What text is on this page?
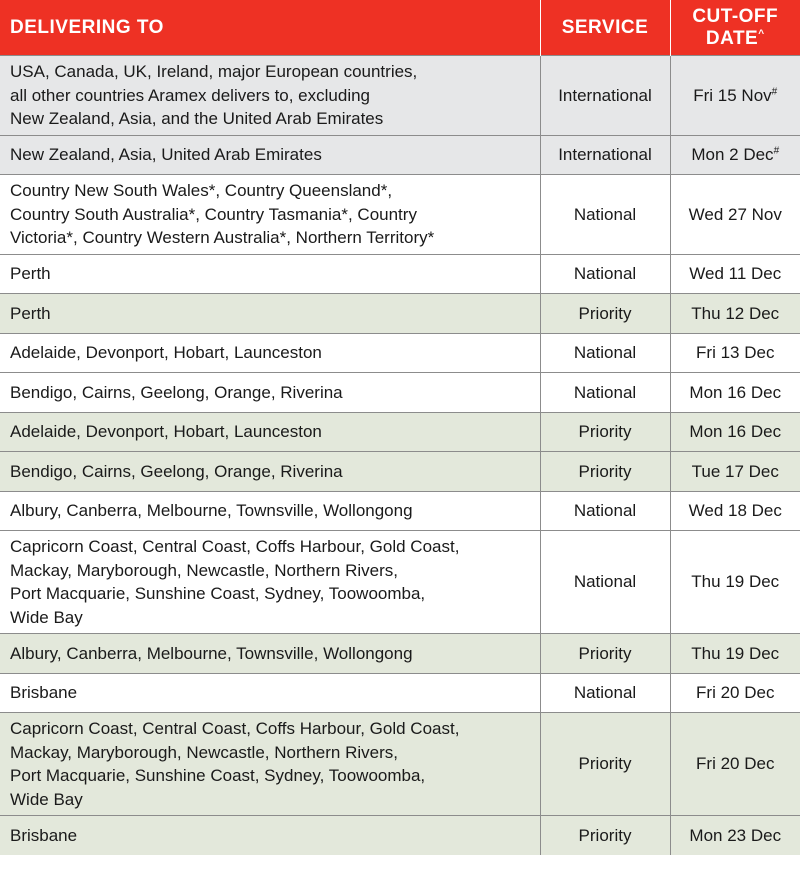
DELIVERING TO	SERVICE	CUT-OFF
DATE^

USA, Canada, UK, Ireland, major European countries,
all other countries Aramex delivers to, excluding
New Zealand, Asia, and the United Arab Emirates	International	Fri 15 Nov#

New Zealand, Asia, United Arab Emirates	International	Mon 2 Dec#

Country New South Wales*, Country Queensland*,
Country South Australia*, Country Tasmania*, Country
Victoria*, Country Western Australia*, Northern Territory*	National	Wed 27 Nov

Perth	National	Wed 11 Dec

Perth	Priority	Thu 12 Dec

Adelaide, Devonport, Hobart, Launceston	National	Fri 13 Dec

Bendigo, Cairns, Geelong, Orange, Riverina	National	Mon 16 Dec

Adelaide, Devonport, Hobart, Launceston	Priority	Mon 16 Dec

Bendigo, Cairns, Geelong, Orange, Riverina	Priority	Tue 17 Dec

Albury, Canberra, Melbourne, Townsville, Wollongong	National	Wed 18 Dec

Capricorn Coast, Central Coast, Coffs Harbour, Gold Coast,
Mackay, Maryborough, Newcastle, Northern Rivers,
Port Macquarie, Sunshine Coast, Sydney, Toowoomba,
Wide Bay	National	Thu 19 Dec

Albury, Canberra, Melbourne, Townsville, Wollongong	Priority	Thu 19 Dec

Brisbane	National	Fri 20 Dec

Capricorn Coast, Central Coast, Coffs Harbour, Gold Coast,
Mackay, Maryborough, Newcastle, Northern Rivers,
Port Macquarie, Sunshine Coast, Sydney, Toowoomba,
Wide Bay	Priority	Fri 20 Dec

Brisbane	Priority	Mon 23 Dec
